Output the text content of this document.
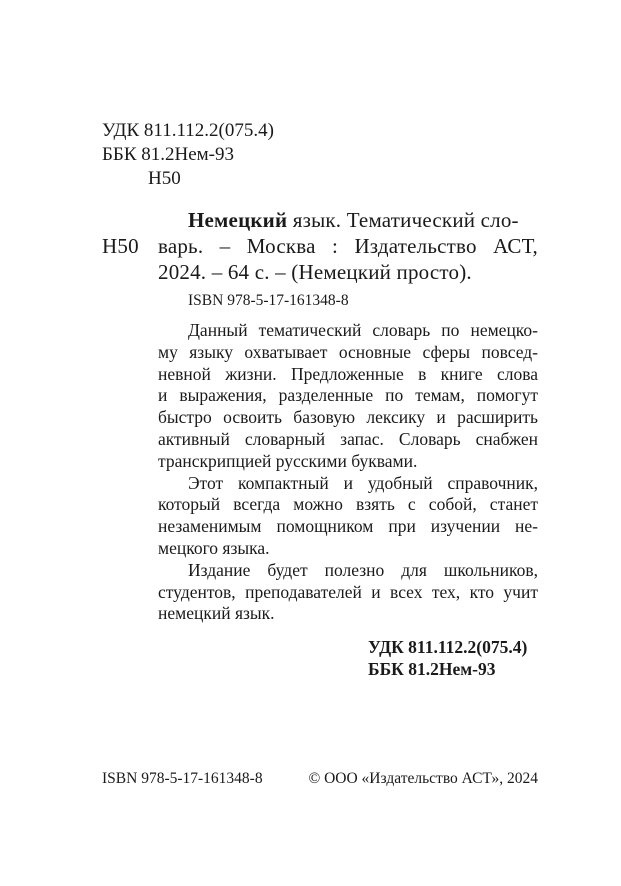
УДК 811.112.2(075.4)
ББК 81.2Нем-93
Н50
Н50
Немецкий язык. Тематический сло-
варь. – Москва : Издательство АСТ,
2024. – 64 с. – (Немецкий просто).
ISBN 978-5-17-161348-8

Данный тематический словарь по немецко-

му языку охватывает основные сферы повсед-
невной жизни. Предложенные в книге слова
и выражения, разделенные по темам, помогут
быстро освоить базовую лексику и расширить
активный словарный запас. Словарь снабжен
транскрипцией русскими буквами.

Этот компактный и удобный справочник,

который всегда можно взять с собой, станет
незаменимым помощником при изучении не-
мецкого языка.

Издание будет полезно для школьников,

студентов, преподавателей и всех тех, кто учит
немецкий язык.
УДК 811.112.2(075.4)
ББК 81.2Нем-93
ISBN 978-5-17-161348-8	© ООО «Издательство АСТ», 2024
